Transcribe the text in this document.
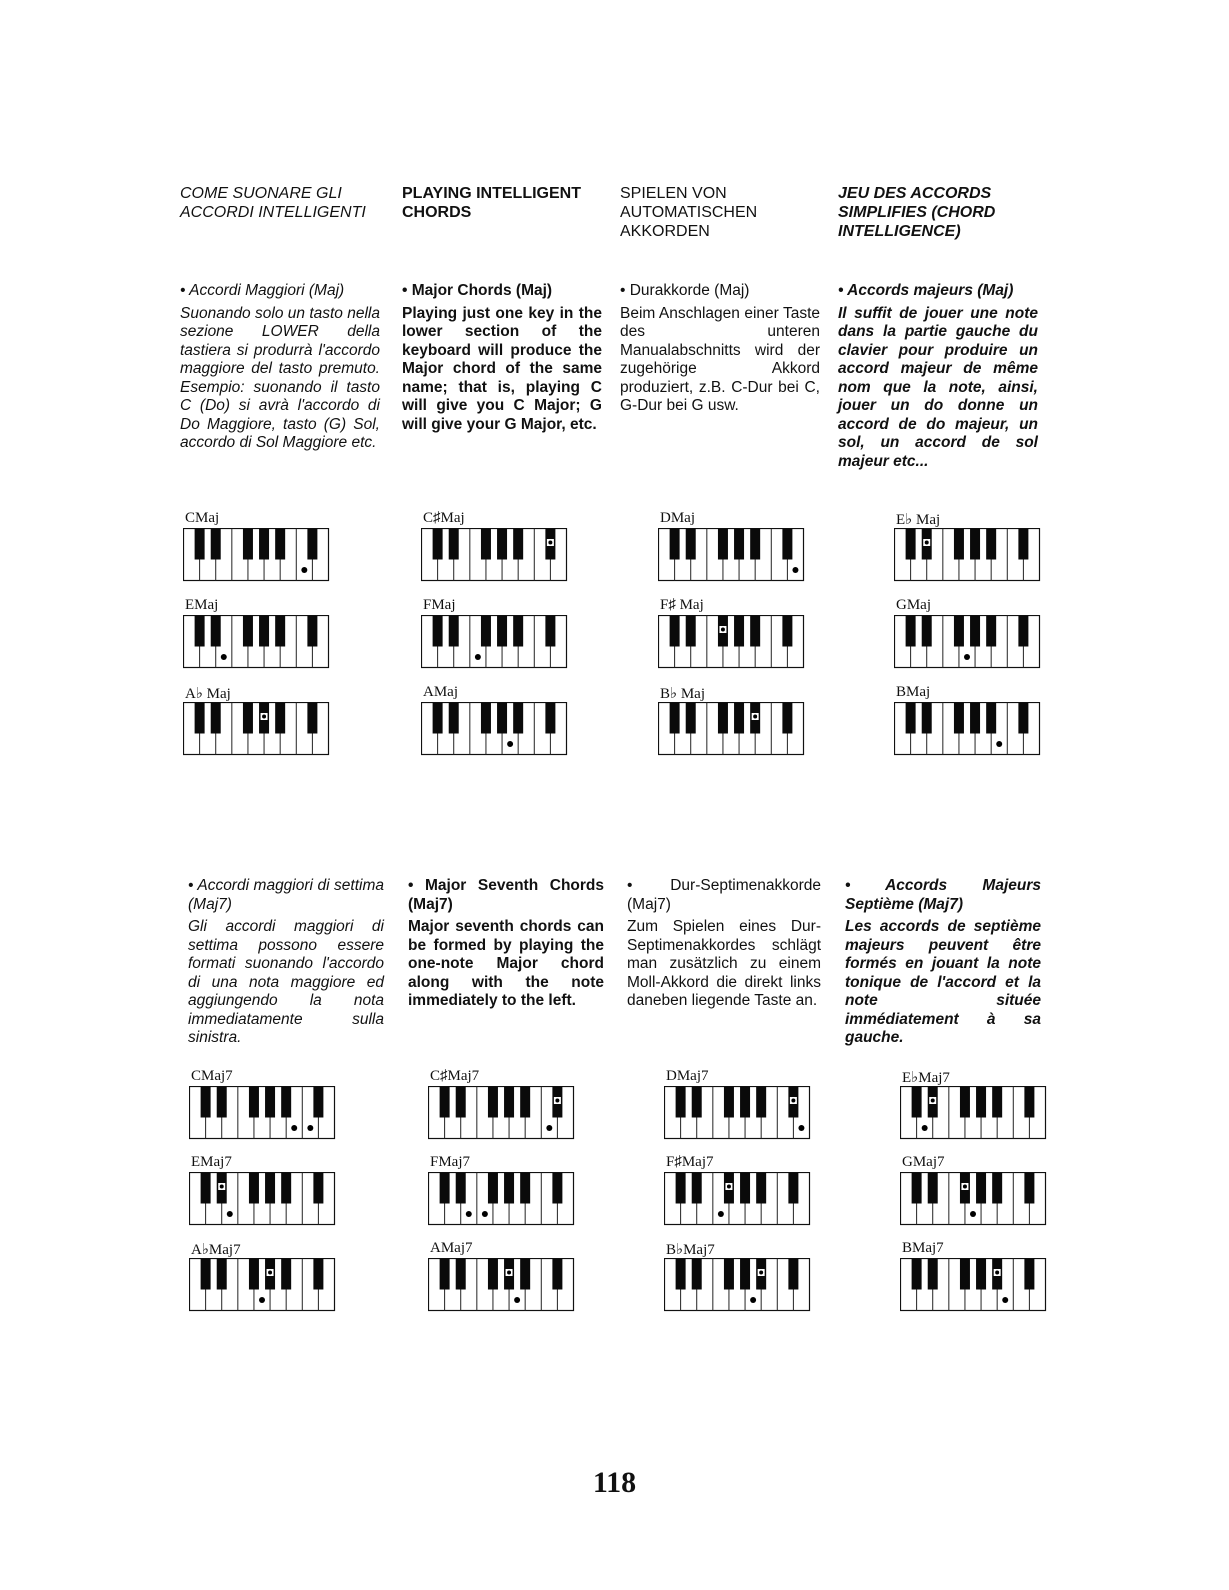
COME SUONARE GLI ACCORDI INTELLIGENTI
PLAYING INTELLIGENT CHORDS
SPIELEN VON AUTOMATISCHEN AKKORDEN
JEU DES ACCORDS SIMPLIFIES (CHORD INTELLIGENCE)
• Accordi Maggiori (Maj)
Suonando solo un tasto nella sezione LOWER della tastiera si produrrà l'accordo maggiore del tasto premuto. Esempio: suonando il tasto C (Do) si avrà l'accordo di Do Maggiore, tasto (G) Sol, accordo di Sol Maggiore etc.
• Major Chords (Maj)
Playing just one key in the lower section of the keyboard will produce the Major chord of the same name; that is, playing C will give you C Major; G will give your G Major, etc.
• Durakkorde (Maj)
Beim Anschlagen einer Taste des unteren Manualabschnitts wird der zugehörige Akkord produziert, z.B. C-Dur bei C, G-Dur bei G usw.
• Accords majeurs (Maj)
Il suffit de jouer une note dans la partie gauche du clavier pour produire un accord majeur de même nom que la note, ainsi, jouer un do donne un accord de do majeur, un sol, un accord de sol majeur etc...
CMaj	C♯Maj	DMaj	E♭ Maj
EMaj	FMaj	F♯ Maj	GMaj
A♭ Maj	AMaj	B♭ Maj	BMaj
• Accordi maggiori di settima (Maj7)
Gli accordi maggiori di settima possono essere formati suonando l'accordo di una nota maggiore ed aggiungendo la nota immediatamente sulla sinistra.
• Major Seventh Chords (Maj7)
Major seventh chords can be formed by playing the one-note Major chord along with the note immediately to the left.
• Dur-Septimenakkorde (Maj7)
Zum Spielen eines Dur-Septimenakkordes schlägt man zusätzlich zu einem Moll-Akkord die direkt links daneben liegende Taste an.
• Accords Majeurs Septième (Maj7)
Les accords de septième majeurs peuvent être formés en jouant la note tonique de l'accord et la note située immédiatement à sa gauche.
CMaj7	C♯Maj7	DMaj7	E♭Maj7
EMaj7	FMaj7	F♯Maj7	GMaj7
A♭Maj7	AMaj7	B♭Maj7	BMaj7
118
